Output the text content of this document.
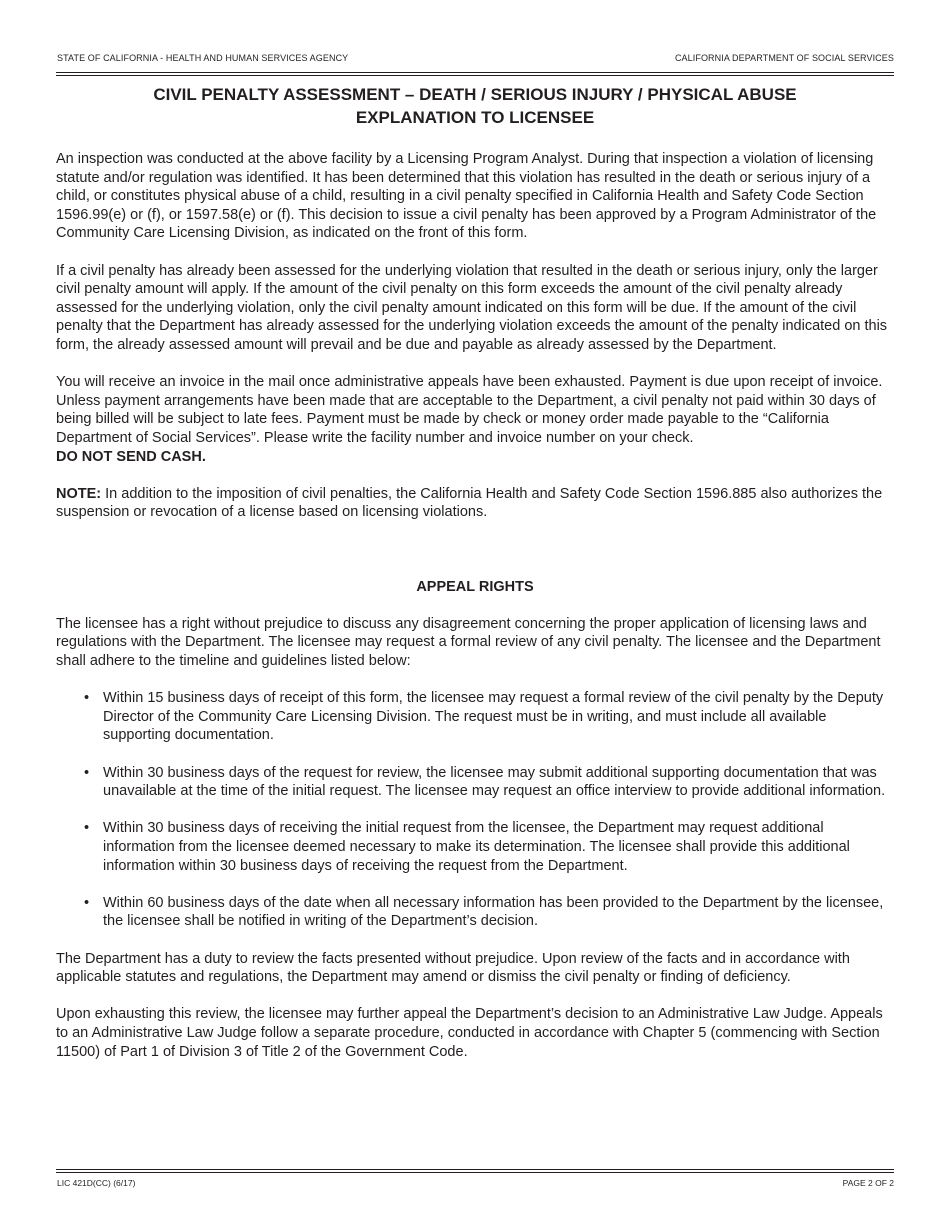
STATE OF CALIFORNIA - HEALTH AND HUMAN SERVICES AGENCY	CALIFORNIA DEPARTMENT OF SOCIAL SERVICES
CIVIL PENALTY ASSESSMENT – DEATH / SERIOUS INJURY / PHYSICAL ABUSE
EXPLANATION TO LICENSEE

An inspection was conducted at the above facility by a Licensing Program Analyst. During that inspection a violation of licensing statute and/or regulation was identified. It has been determined that this violation has resulted in the death or serious injury of a child, or constitutes physical abuse of a child, resulting in a civil penalty specified in California Health and Safety Code Section 1596.99(e) or (f), or 1597.58(e) or (f). This decision to issue a civil penalty has been approved by a Program Administrator of the Community Care Licensing Division, as indicated on the front of this form.

If a civil penalty has already been assessed for the underlying violation that resulted in the death or serious injury, only the larger civil penalty amount will apply. If the amount of the civil penalty on this form exceeds the amount of the civil penalty already assessed for the underlying violation, only the civil penalty amount indicated on this form will be due. If the amount of the civil penalty that the Department has already assessed for the underlying violation exceeds the amount of the penalty indicated on this form, the already assessed amount will prevail and be due and payable as already assessed by the Department.

You will receive an invoice in the mail once administrative appeals have been exhausted. Payment is due upon receipt of invoice. Unless payment arrangements have been made that are acceptable to the Department, a civil penalty not paid within 30 days of being billed will be subject to late fees. Payment must be made by check or money order made payable to the “California Department of Social Services”. Please write the facility number and invoice number on your check.
DO NOT SEND CASH.

NOTE: In addition to the imposition of civil penalties, the California Health and Safety Code Section 1596.885 also authorizes the suspension or revocation of a license based on licensing violations.

APPEAL RIGHTS

The licensee has a right without prejudice to discuss any disagreement concerning the proper application of licensing laws and regulations with the Department. The licensee may request a formal review of any civil penalty. The licensee and the Department shall adhere to the timeline and guidelines listed below:

• Within 15 business days of receipt of this form, the licensee may request a formal review of the civil penalty by the Deputy Director of the Community Care Licensing Division. The request must be in writing, and must include all available supporting documentation.
• Within 30 business days of the request for review, the licensee may submit additional supporting documentation that was unavailable at the time of the initial request. The licensee may request an office interview to provide additional information.
• Within 30 business days of receiving the initial request from the licensee, the Department may request additional information from the licensee deemed necessary to make its determination. The licensee shall provide this additional information within 30 business days of receiving the request from the Department.
• Within 60 business days of the date when all necessary information has been provided to the Department by the licensee, the licensee shall be notified in writing of the Department’s decision.

The Department has a duty to review the facts presented without prejudice. Upon review of the facts and in accordance with applicable statutes and regulations, the Department may amend or dismiss the civil penalty or finding of deficiency.

Upon exhausting this review, the licensee may further appeal the Department’s decision to an Administrative Law Judge. Appeals to an Administrative Law Judge follow a separate procedure, conducted in accordance with Chapter 5 (commencing with Section 11500) of Part 1 of Division 3 of Title 2 of the Government Code.

LIC 421D(CC) (6/17)	PAGE 2 OF 2
